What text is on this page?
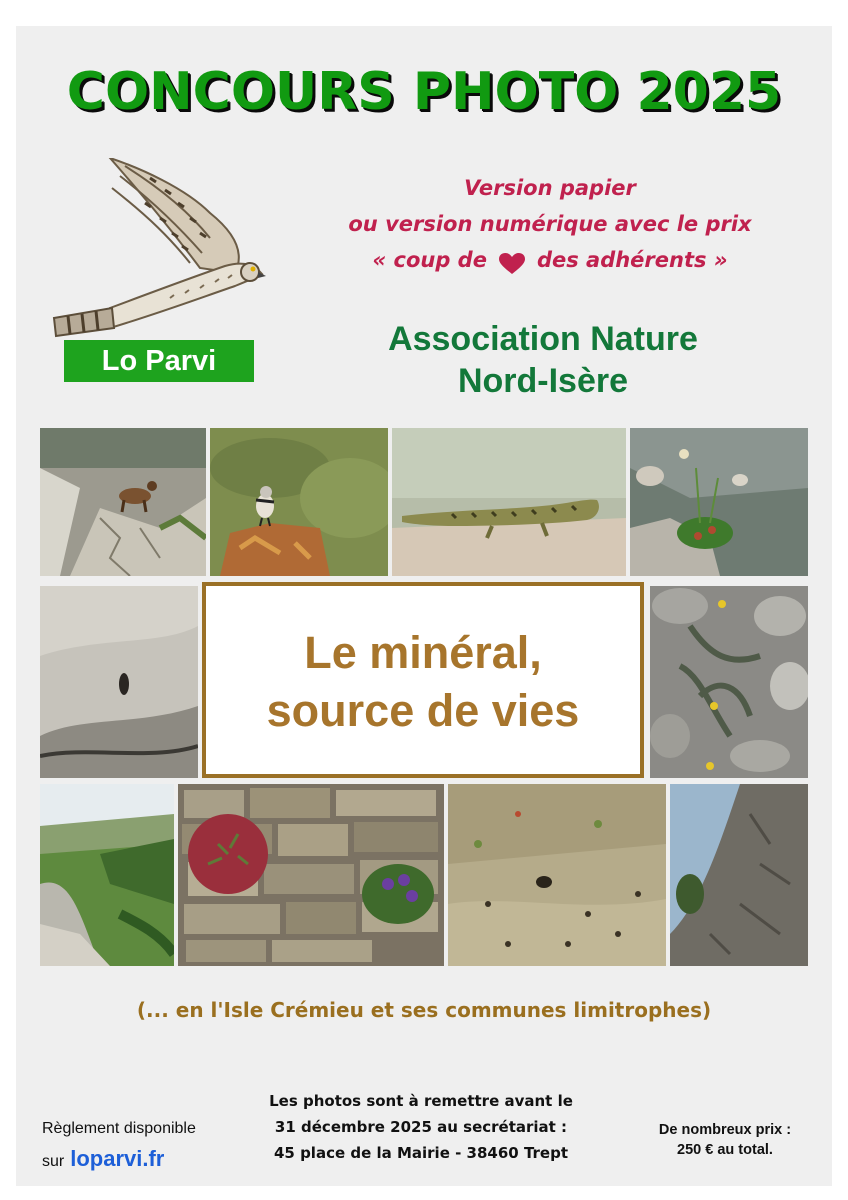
CONCOURS PHOTO 2025
Lo Parvi
Version papier
ou version numérique avec le prix
« coup de des adhérents »
Association Nature
Nord-Isère
Le minéral,
source de vies
(... en l'Isle Crémieu et ses communes limitrophes)
Règlement disponible
sur loparvi.fr
Les photos sont à remettre avant le
31 décembre 2025 au secrétariat :
45 place de la Mairie - 38460 Trept
De nombreux prix :
250 € au total.
